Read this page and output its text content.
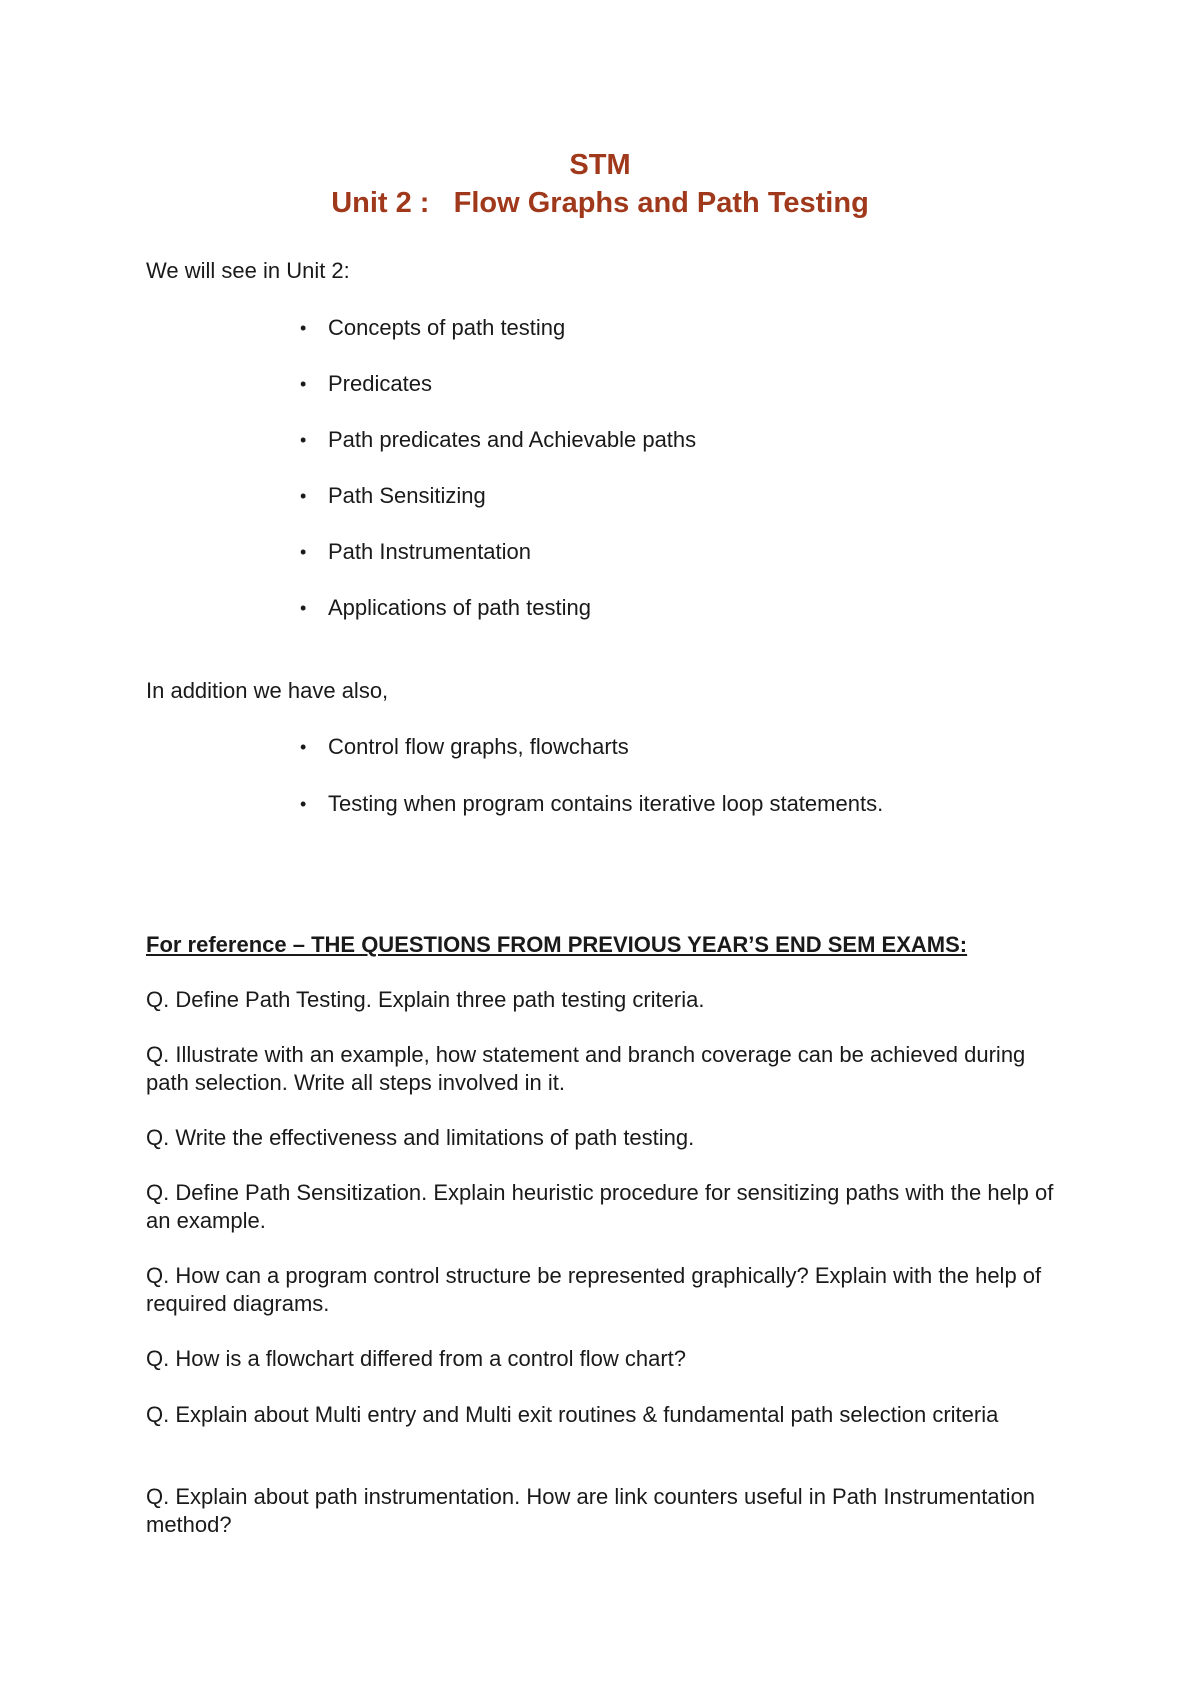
STM
Unit 2 :   Flow Graphs and Path Testing
We will see in Unit 2:
• Concepts of path testing
• Predicates
• Path predicates and Achievable paths
• Path Sensitizing
• Path Instrumentation
• Applications of path testing
In addition we have also,
• Control flow graphs, flowcharts
• Testing when program contains iterative loop statements.
For reference – THE QUESTIONS FROM PREVIOUS YEAR’S END SEM EXAMS:
Q. Define Path Testing. Explain three path testing criteria.
Q. Illustrate with an example, how statement and branch coverage can be achieved during path selection. Write all steps involved in it.
Q. Write the effectiveness and limitations of path testing.
Q. Define Path Sensitization. Explain heuristic procedure for sensitizing paths with the help of an example.
Q. How can a program control structure be represented graphically? Explain with the help of required diagrams.
Q. How is a flowchart differed from a control flow chart?
Q. Explain about Multi entry and Multi exit routines & fundamental path selection criteria
Q. Explain about path instrumentation. How are link counters useful in Path Instrumentation method?
